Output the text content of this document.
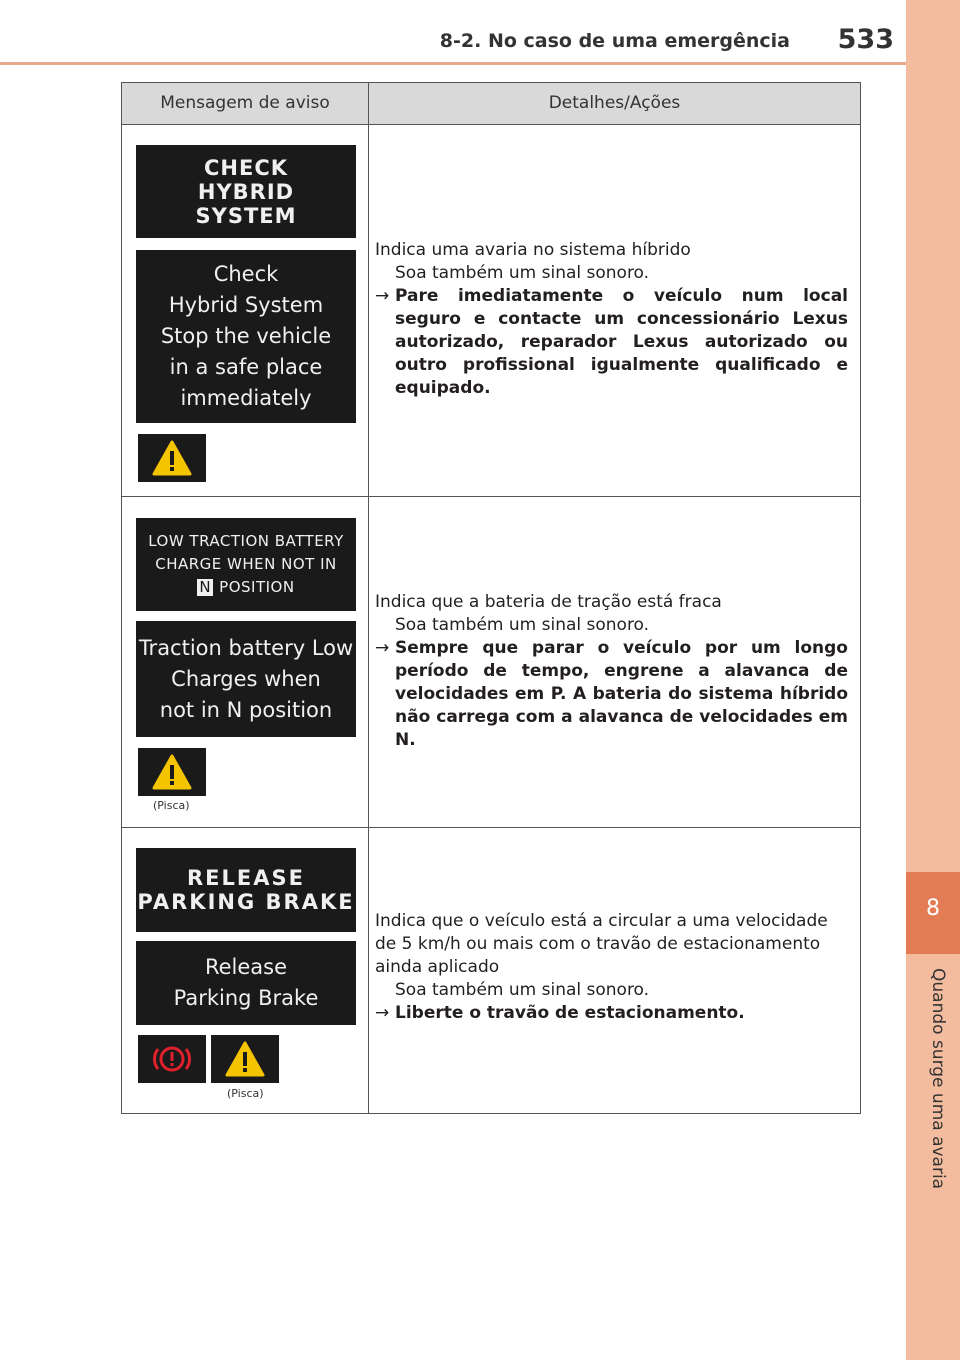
8-2. No caso de uma emergência 533
8
Quando surge uma avaria
Mensagem de aviso	Detalhes/Ações
CHECK
HYBRID
SYSTEM
Check
Hybrid System
Stop the vehicle
in a safe place
immediately

Indica uma avaria no sistema híbrido

Soa também um sinal sonoro.

→ Pare imediatamente o veículo num local seguro e contacte um concessionário Lexus autorizado, reparador Lexus autorizado ou outro profissional igualmente qualificado e equipado.

LOW TRACTION BATTERY
CHARGE WHEN NOT IN
N POSITION
Traction battery Low
Charges when
not in N position
(Pisca)

Indica que a bateria de tração está fraca

Soa também um sinal sonoro.

→ Sempre que parar o veículo por um longo período de tempo, engrene a alavanca de velocidades em P. A bateria do sistema híbrido não carrega com a alavanca de velocidades em N.

RELEASE
PARKING BRAKE
Release
Parking Brake
(Pisca)

Indica que o veículo está a circular a uma velocidade de 5 km/h ou mais com o travão de estacionamento ainda aplicado

Soa também um sinal sonoro.

→ Liberte o travão de estacionamento.
